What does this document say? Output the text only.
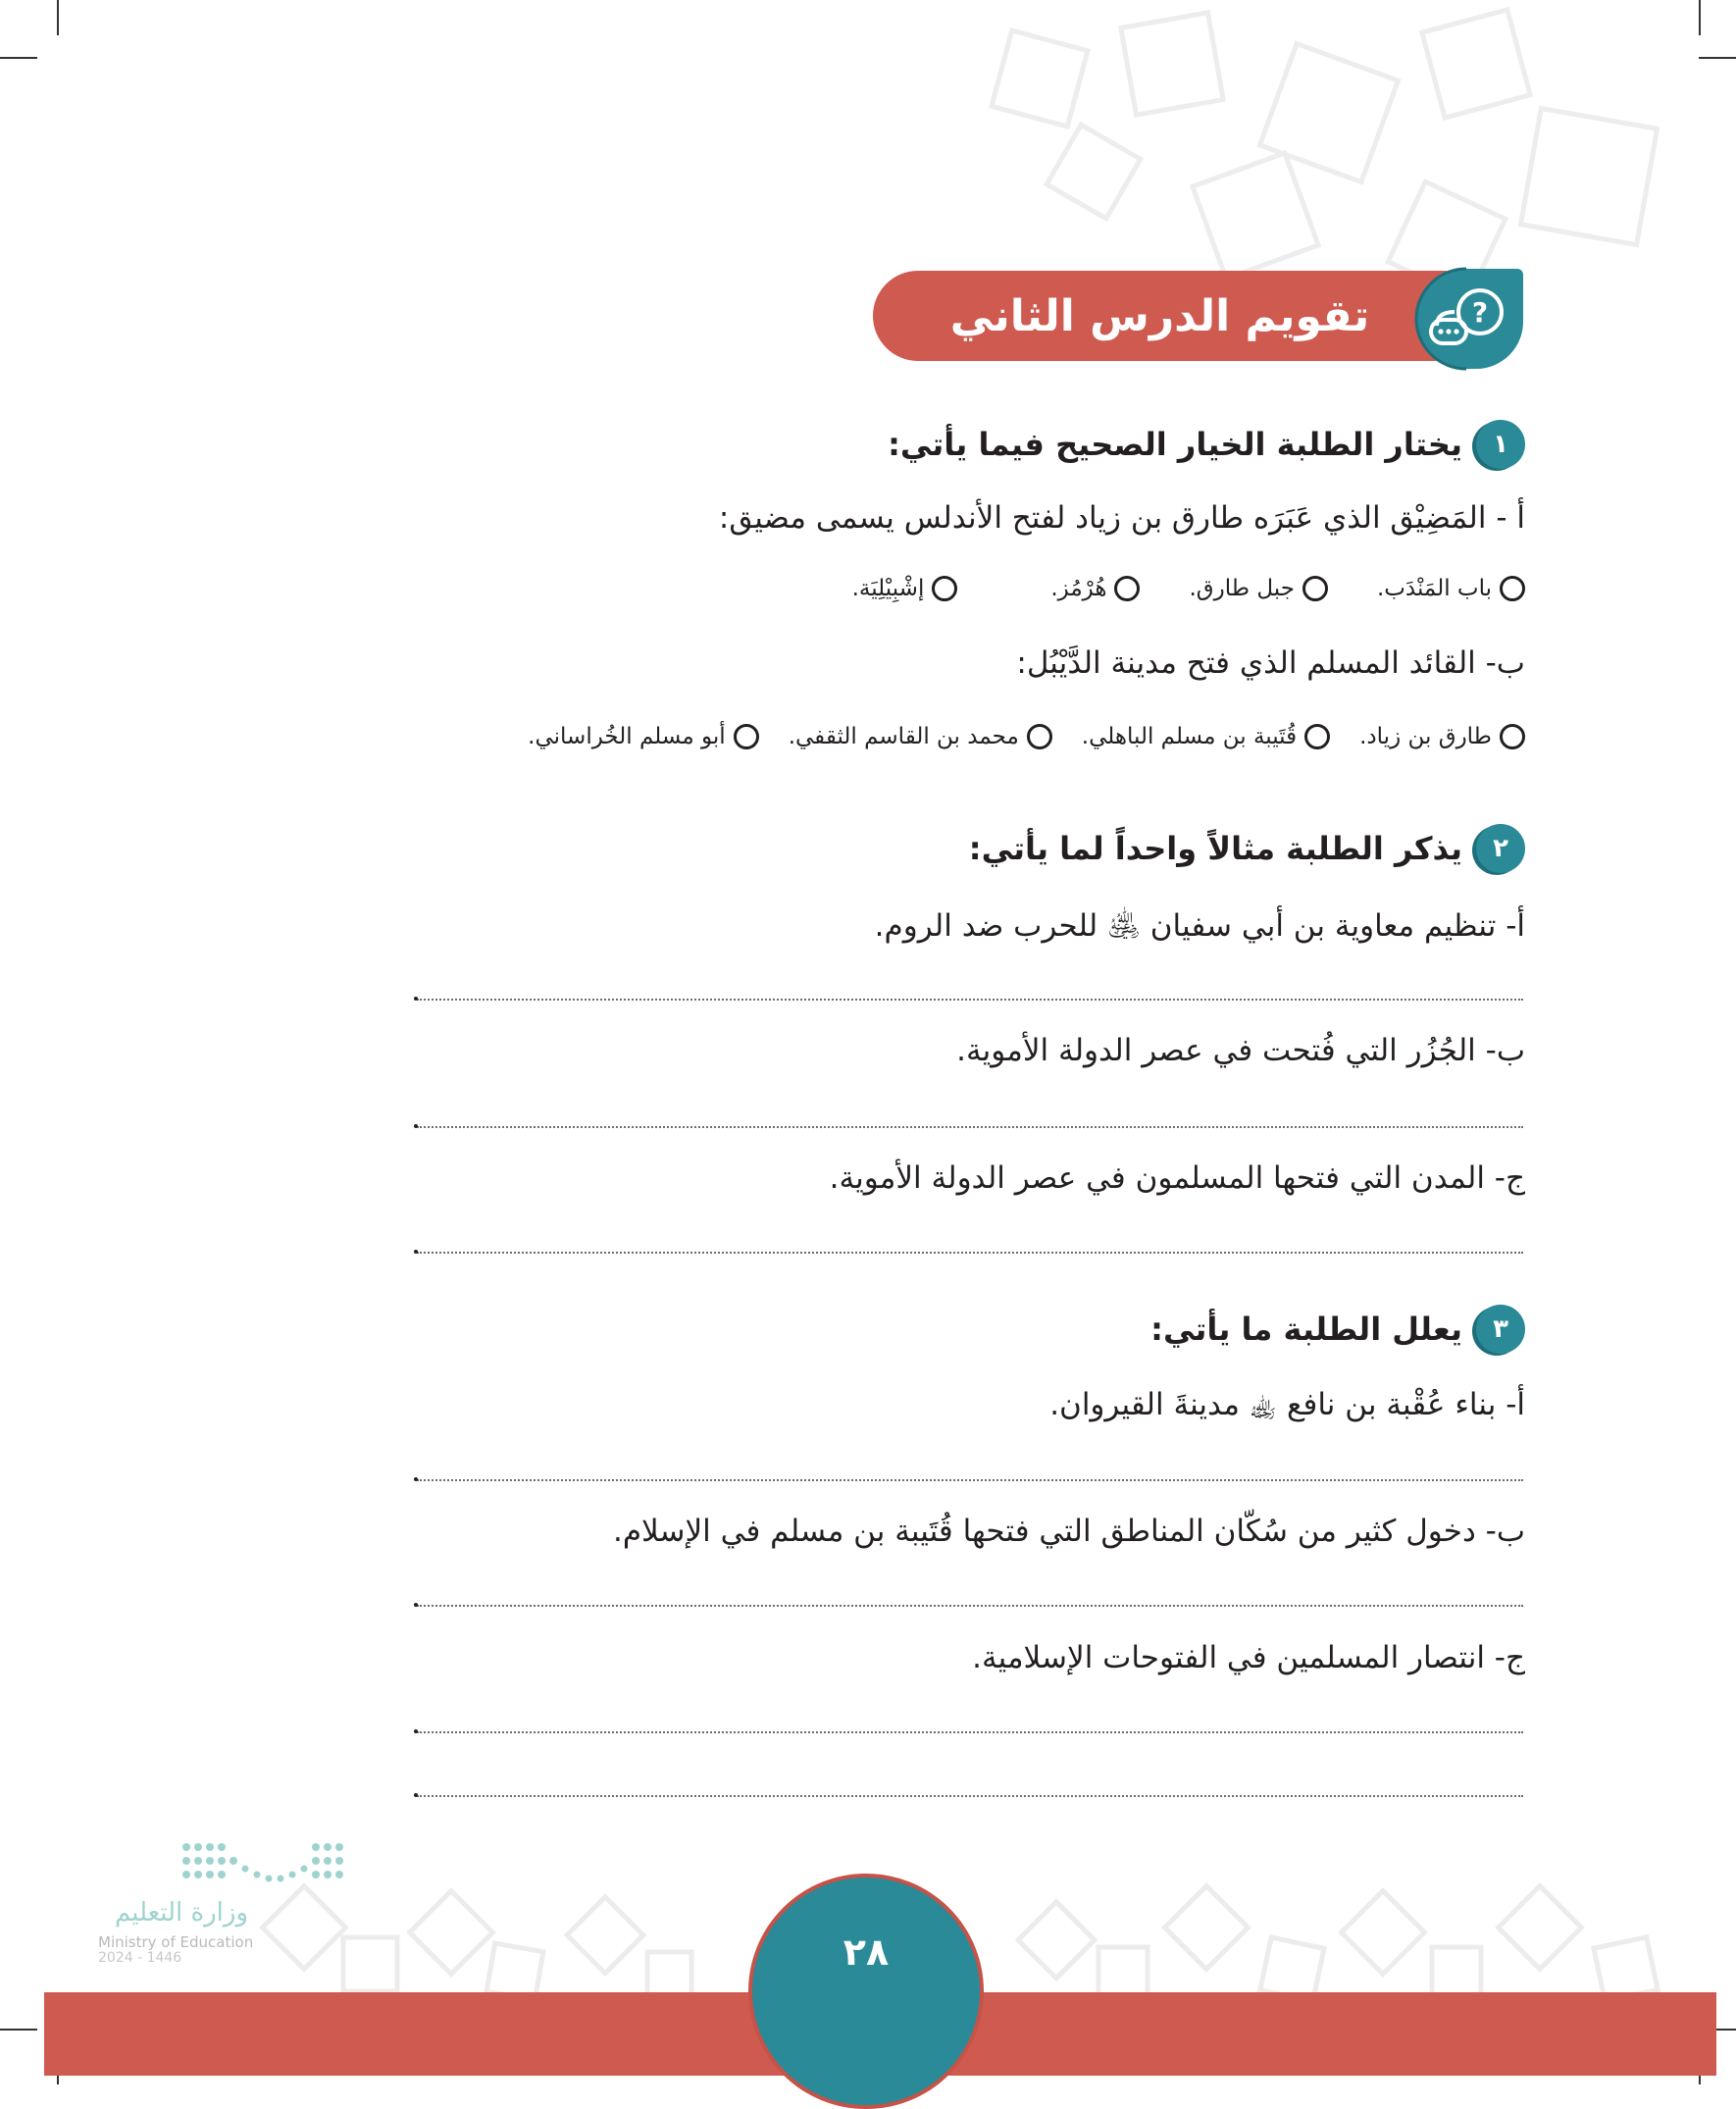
تقويم الدرس الثاني	?
١
يختار الطلبة الخيار الصحيح فيما يأتي:
أ - المَضِيْق الذي عَبَرَه طارق بن زياد لفتح الأندلس يسمى مضيق:
باب المَنْدَب.
جبل طارق.
هُرْمُز.
إشْبِيْلِيَة.
ب- القائد المسلم الذي فتح مدينة الدَّيْبُل:
طارق بن زياد.
قُتَيبة بن مسلم الباهلي.
محمد بن القاسم الثقفي.
أبو مسلم الخُراساني.
٢
يذكر الطلبة مثالاً واحداً لما يأتي:
أ- تنظيم معاوية بن أبي سفيان ﵁ للحرب ضد الروم.
ب- الجُزُر التي فُتحت في عصر الدولة الأموية.
ج- المدن التي فتحها المسلمون في عصر الدولة الأموية.
٣
يعلل الطلبة ما يأتي:
أ- بناء عُقْبة بن نافع ﵀ مدينةَ القيروان.
ب- دخول كثير من سُكّان المناطق التي فتحها قُتَيبة بن مسلم في الإسلام.
ج- انتصار المسلمين في الفتوحات الإسلامية.
وزارة التعليم
Ministry of Education
2024 - 1446	٢٨
